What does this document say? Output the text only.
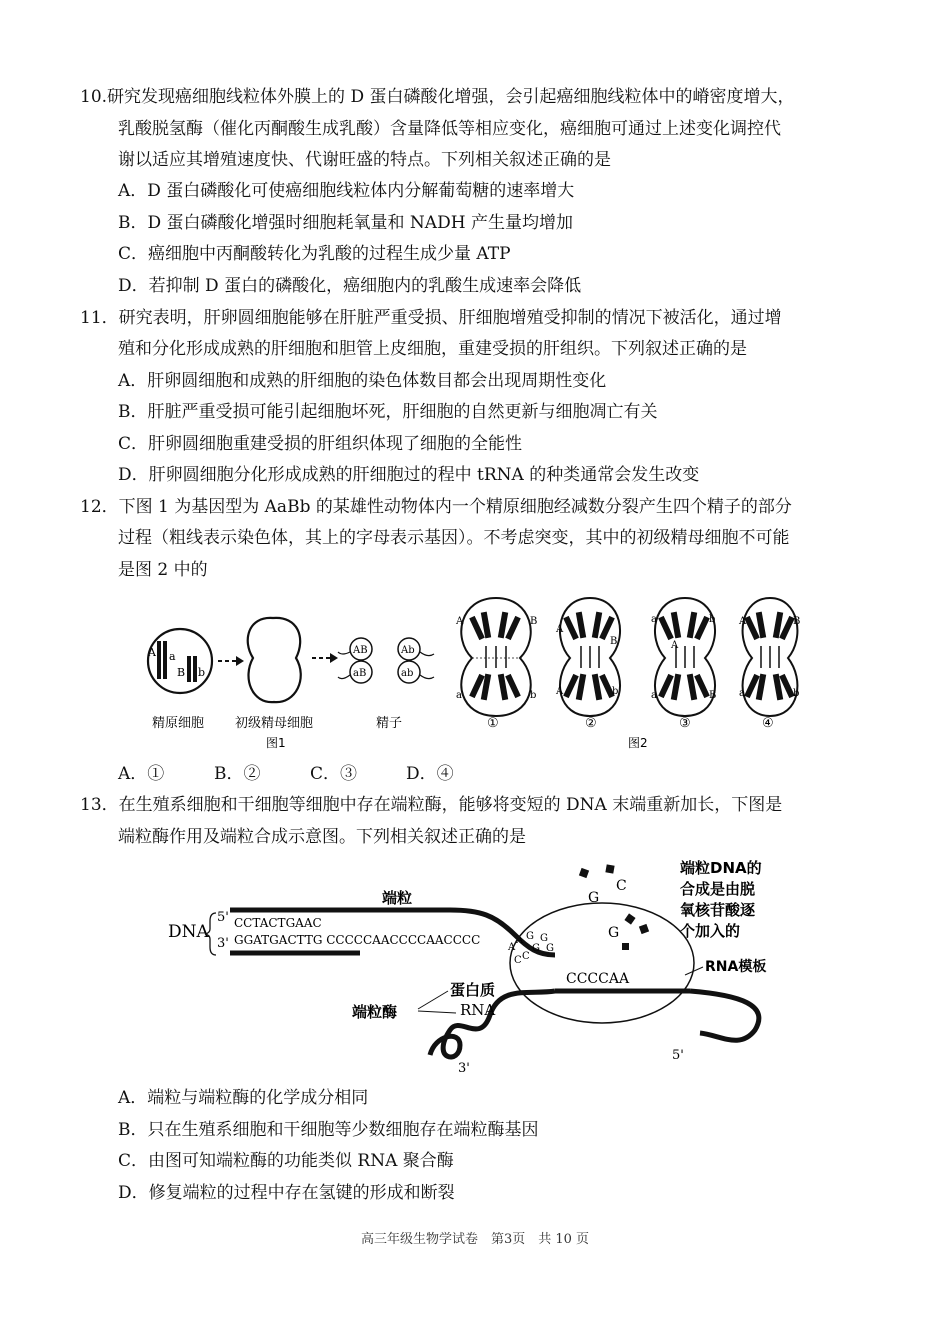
10.研究发现癌细胞线粒体外膜上的 D 蛋白磷酸化增强，会引起癌细胞线粒体中的嵴密度增大，
乳酸脱氢酶（催化丙酮酸生成乳酸）含量降低等相应变化，癌细胞可通过上述变化调控代
谢以适应其增殖速度快、代谢旺盛的特点。下列相关叙述正确的是
A．D 蛋白磷酸化可使癌细胞线粒体内分解葡萄糖的速率增大
B．D 蛋白磷酸化增强时细胞耗氧量和 NADH 产生量均增加
C．癌细胞中丙酮酸转化为乳酸的过程生成少量 ATP
D．若抑制 D 蛋白的磷酸化，癌细胞内的乳酸生成速率会降低
11．研究表明，肝卵圆细胞能够在肝脏严重受损、肝细胞增殖受抑制的情况下被活化，通过增
殖和分化形成成熟的肝细胞和胆管上皮细胞，重建受损的肝组织。下列叙述正确的是
A．肝卵圆细胞和成熟的肝细胞的染色体数目都会出现周期性变化
B．肝脏严重受损可能引起细胞坏死，肝细胞的自然更新与细胞凋亡有关
C．肝卵圆细胞重建受损的肝组织体现了细胞的全能性
D．肝卵圆细胞分化形成成熟的肝细胞过的程中 tRNA 的种类通常会发生改变
12．下图 1 为基因型为 AaBb 的某雄性动物体内一个精原细胞经减数分裂产生四个精子的部分
过程（粗线表示染色体，其上的字母表示基因）。不考虑突变，其中的初级精母细胞不可能
是图 2 中的
A a
B b
精原细胞 初级精母细胞
AB	Ab
aB	ab
精子
图1
A	B
a	b
A
B
A	b
a
A
b
a	B
A	B
a	b
①	②	③	④
图2
A．①	B．②	C．③	D．④
13．在生殖系细胞和干细胞等细胞中存在端粒酶，能够将变短的 DNA 末端重新加长，下图是
端粒酶作用及端粒合成示意图。下列相关叙述正确的是
DNA
5'
3'
端粒
CCTACTGAAC
GGATGACTTG CCCCCAACCCCAACCCC
A
A
C C
G
G
G
G
G
C
G
CCCCAA
RNA模板
5'
3'
蛋白质
RNA
端粒酶
端粒DNA的
合成是由脱
氧核苷酸逐
个加入的
A．端粒与端粒酶的化学成分相同
B．只在生殖系细胞和干细胞等少数细胞存在端粒酶基因
C．由图可知端粒酶的功能类似 RNA 聚合酶
D．修复端粒的过程中存在氢键的形成和断裂
高三年级生物学试卷　第3页　共 10 页
